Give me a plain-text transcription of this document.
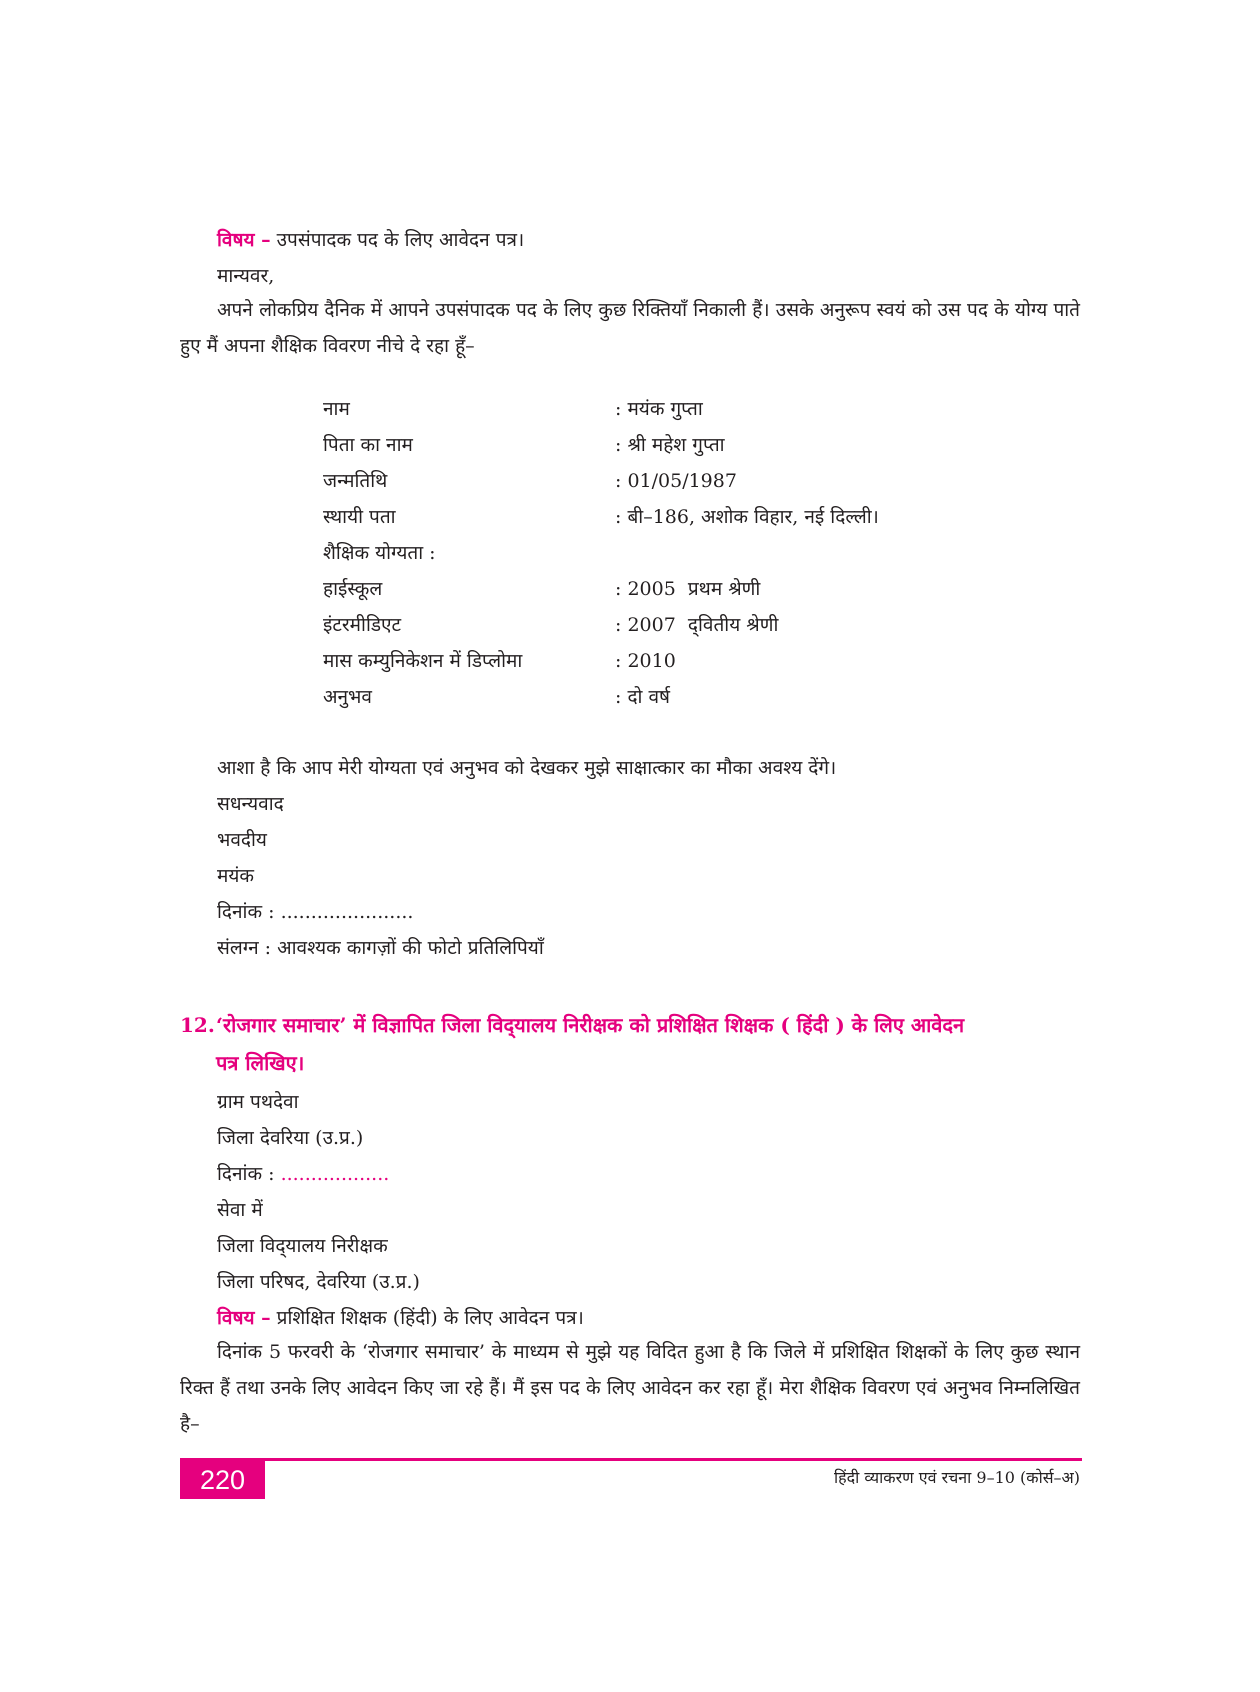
विषय – उपसंपादक पद के लिए आवेदन पत्र।
मान्यवर,
अपने लोकप्रिय दैनिक में आपने उपसंपादक पद के लिए कुछ रिक्तियाँ निकाली हैं। उसके अनुरूप स्वयं को उस पद के योग्य पाते हुए मैं अपना शैक्षिक विवरण नीचे दे रहा हूँ–
नाम	: मयंक गुप्ता
पिता का नाम	: श्री महेश गुप्ता
जन्मतिथि	: 01/05/1987
स्थायी पता	: बी–186, अशोक विहार, नई दिल्ली।
शैक्षिक योग्यता :
हाईस्कूल	: 2005  प्रथम श्रेणी
इंटरमीडिएट	: 2007  द्‌वितीय श्रेणी
मास कम्युनिकेशन में डिप्लोमा	: 2010
अनुभव	: दो वर्ष
आशा है कि आप मेरी योग्यता एवं अनुभव को देखकर मुझे साक्षात्कार का मौका अवश्य देंगे।
सधन्यवाद
भवदीय
मयंक
दिनांक : ......................
संलग्न : आवश्यक कागज़ों की फोटो प्रतिलिपियाँ
12.‘रोजगार समाचार’ में विज्ञापित जिला विद्‌यालय निरीक्षक को प्रशिक्षित शिक्षक ( हिंदी ) के लिए आवेदन
पत्र लिखिए।
ग्राम पथदेवा
जिला देवरिया (उ.प्र.)
दिनांक : ..................
सेवा में
जिला विद्‌यालय निरीक्षक
जिला परिषद, देवरिया (उ.प्र.)
विषय – प्रशिक्षित शिक्षक (हिंदी) के लिए आवेदन पत्र।
दिनांक 5 फरवरी के ‘रोजगार समाचार’ के माध्यम से मुझे यह विदित हुआ है कि जिले में प्रशिक्षित शिक्षकों के लिए कुछ स्थान रिक्त हैं तथा उनके लिए आवेदन किए जा रहे हैं। मैं इस पद के लिए आवेदन कर रहा हूँ। मेरा शैक्षिक विवरण एवं अनुभव निम्नलिखित है–
220	हिंदी व्याकरण एवं रचना 9–10 (कोर्स–अ)
